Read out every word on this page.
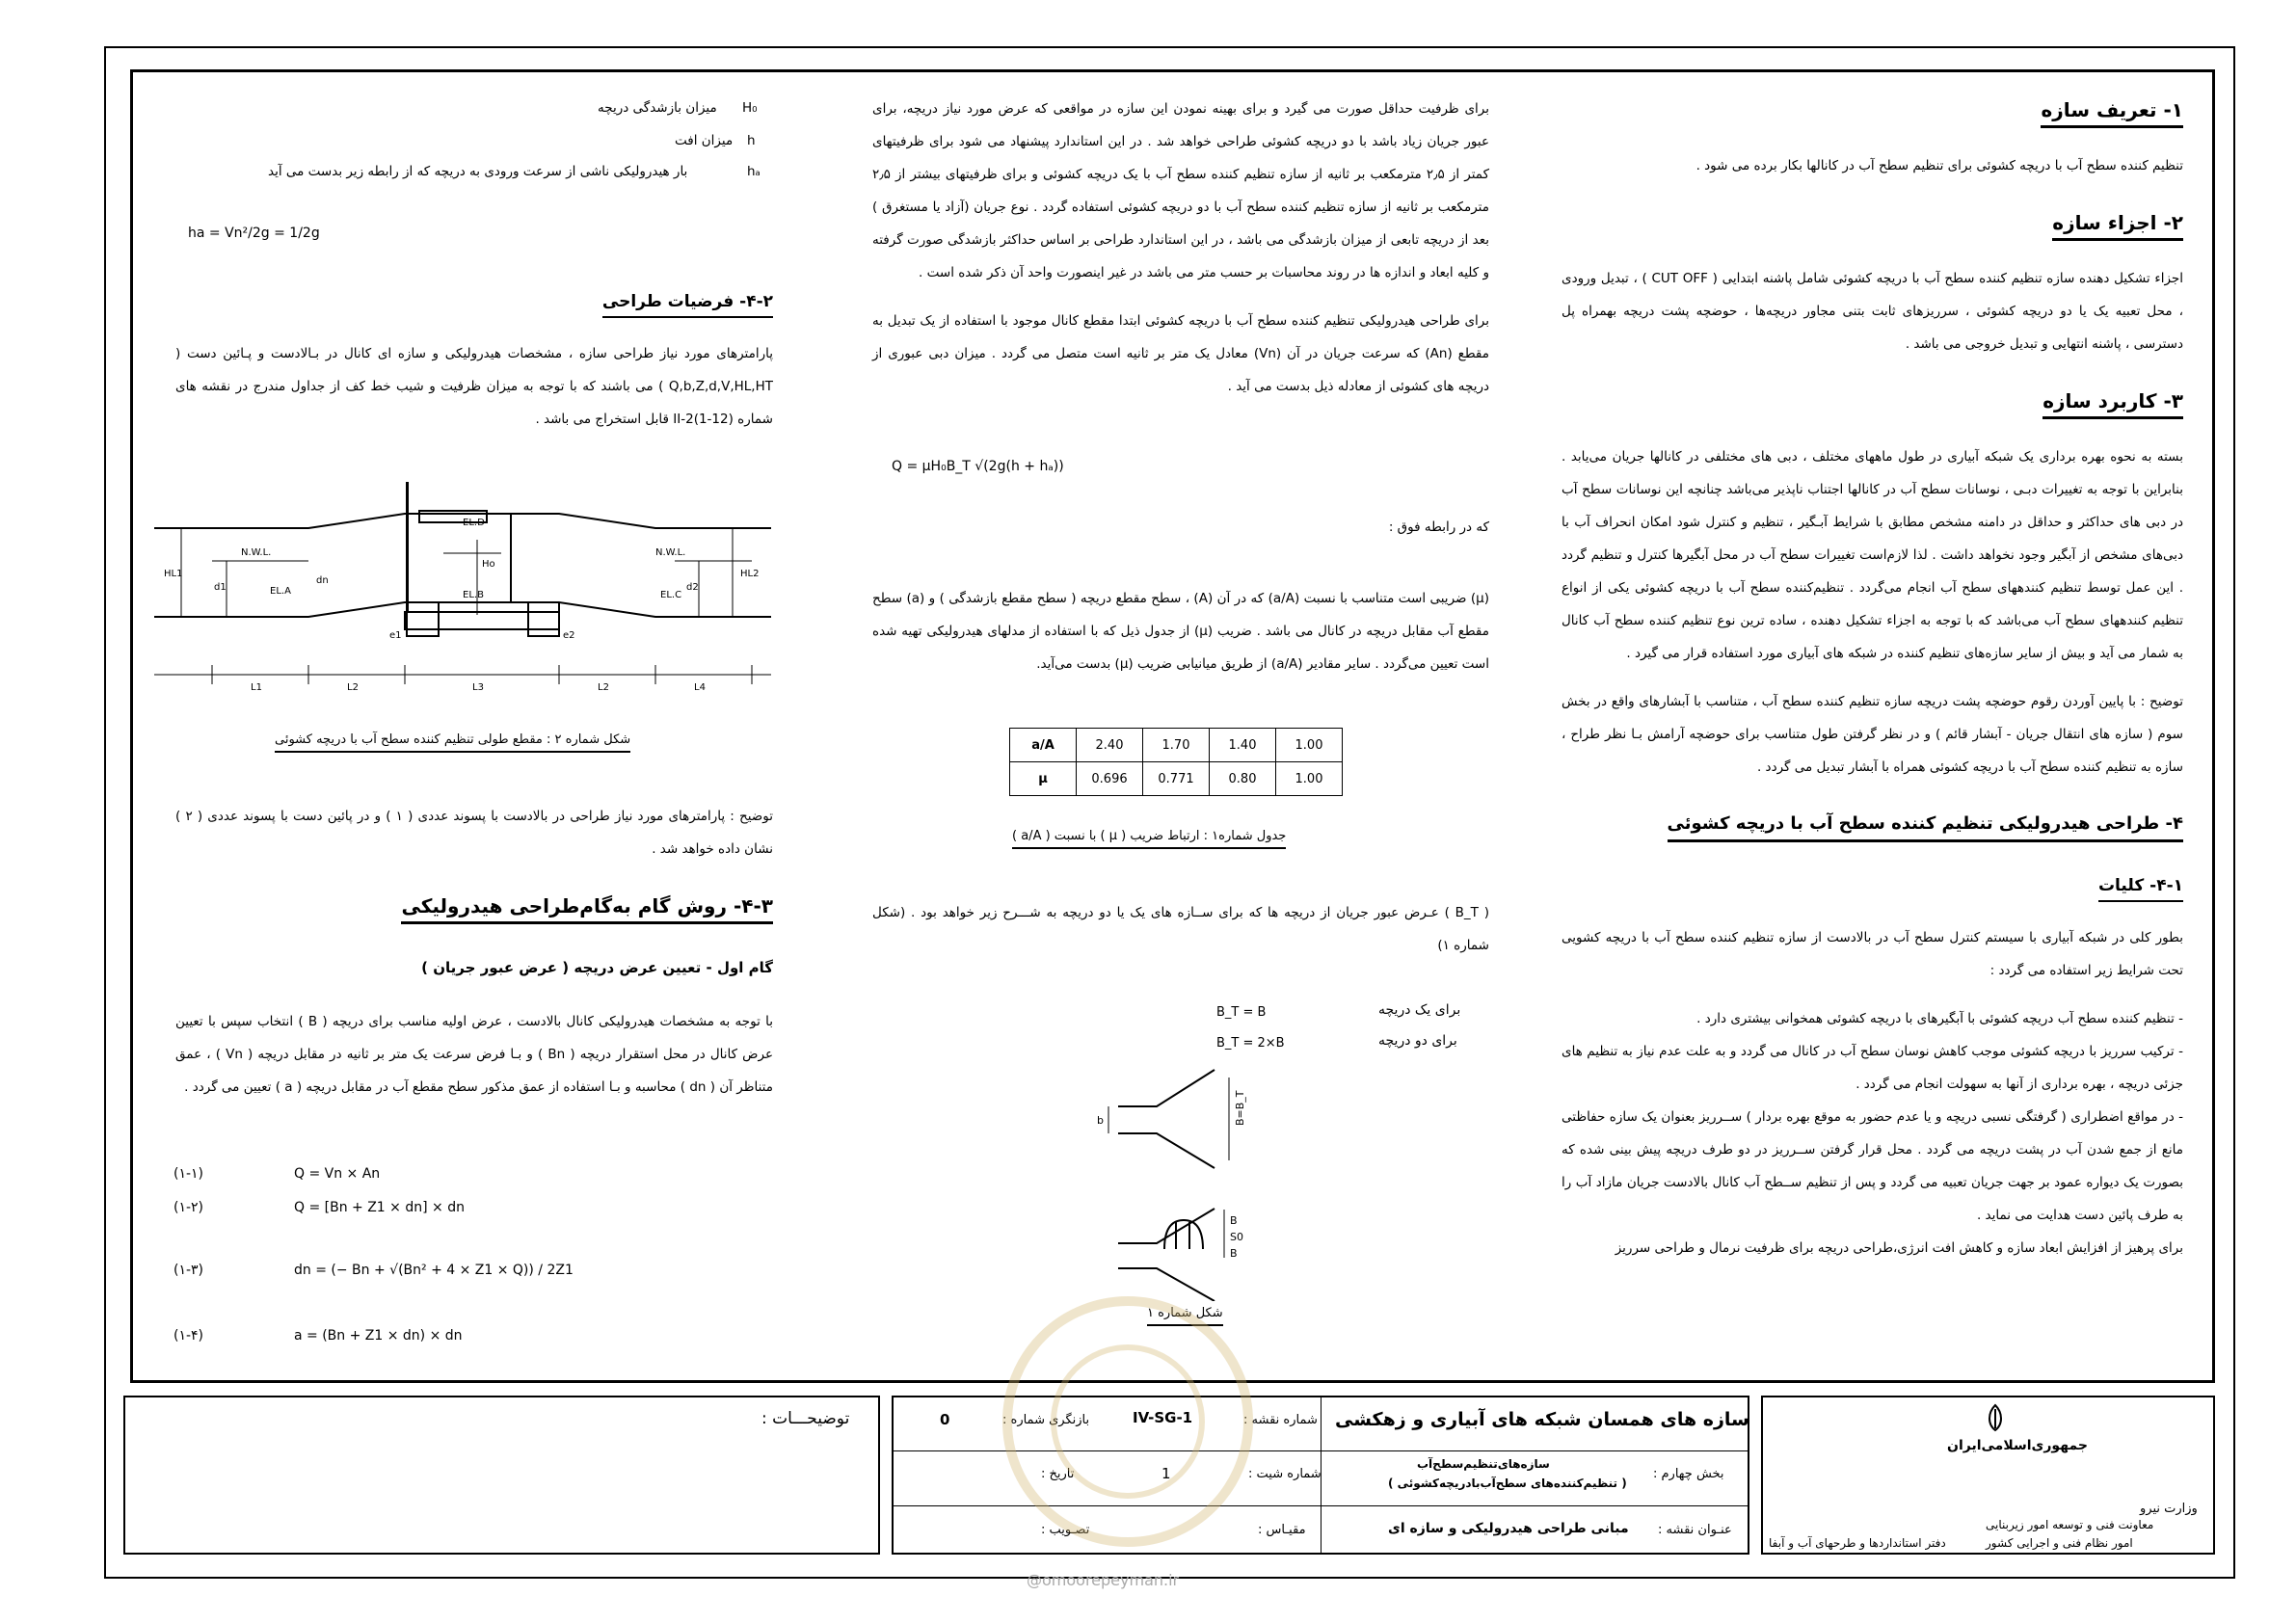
۱- تعریف سازه

تنظیم کننده سطح آب با دریچه کشوئی برای تنظیم سطح آب در کانالها بکار برده می شود .

۲- اجزاء سازه

اجزاء تشکیل دهنده سازه تنظیم کننده سطح آب با دریچه کشوئی شامل پاشنه ابتدایی ( CUT OFF ) ، تبدیل ورودی ، محل تعبیه یک یا دو دریچه کشوئی ، سرریزهای ثابت بتنی مجاور دریچه‌ها ، حوضچه پشت دریچه بهمراه پل دسترسی ، پاشنه انتهایی و تبدیل خروجی می باشد .

۳- کاربرد سازه

بسته به نحوه بهره برداری یک شبکه آبیاری در طول ماههای مختلف ، دبی های مختلفی در کانالها جریان می‌یابد . بنابراین با توجه به تغییرات دبـی ، نوسانات سطح آب در کانالها اجتناب ناپذیر می‌باشد چنانچه این نوسانات سطح آب در دبی های حداکثر و حداقل در دامنه مشخص مطابق با شرایط آبـگیر ، تنظیم و کنترل شود امکان انحراف آب با دبی‌های مشخص از آبگیر وجود نخواهد داشت . لذا لازم‌است تغییرات سطح آب در محل آبگیرها کنترل و تنظیم گردد . این عمل توسط تنظیم کنندههای سطح آب انجام می‌گردد . تنظیم‌کننده سطح آب با دریچه کشوئی یکی از انواع تنظیم کنندههای سطح آب می‌باشد که با توجه به اجزاء تشکیل دهنده ، ساده ترین نوع تنظیم کننده سطح آب کانال به شمار می آید و بیش از سایر سازه‌های تنظیم کننده در شبکه های آبیاری مورد استفاده قرار می گیرد .

توضیح : با پایین آوردن رقوم حوضچه پشت دریچه سازه تنظیم کننده سطح آب ، متناسب با آبشارهای واقع در بخش سوم ( سازه های انتقال جریان - آبشار قائم ) و در نظر گرفتن طول متناسب برای حوضچه آرامش بـا نظر طراح ، سازه به تنظیم کننده سطح آب با دریچه کشوئی همراه با آبشار تبدیل می گردد .

۴- طراحی هیدرولیکی تنظیم کننده سطح آب با دریچه کشوئی
۴-۱- کلیات

بطور کلی در شبکه آبیاری با سیستم کنترل سطح آب در بالادست از سازه تنظیم کننده سطح آب با دریچه کشویی تحت شرایط زیر استفاده می گردد :

- تنظیم کننده سطح آب دریچه کشوئی با آبگیرهای با دریچه کشوئی همخوانی بیشتری دارد .

- ترکیب سرریز با دریچه کشوئی موجب کاهش نوسان سطح آب در کانال می گردد و به علت عدم نیاز به تنظیم های جزئی دریچه ، بهره برداری از آنها به سهولت انجام می گردد .

- در مواقع اضطراری ( گرفتگی نسبی دریچه و یا عدم حضور به موقع بهره بردار ) ســرریز بعنوان یک سازه حفاظتی مانع از جمع شدن آب در پشت دریچه می گردد . محل قرار گرفتن ســرریز در دو طرف دریچه پیش بینی شده که بصورت یک دیواره عمود بر جهت جریان تعبیه می گردد و پس از تنظیم ســطح آب کانال بالادست جریان مازاد آب را به طرف پائین دست هدایت می نماید .

برای پرهیز از افزایش ابعاد سازه و کاهش افت انرژی،طراحی دریچه برای ظرفیت نرمال و طراحی سرریز

برای ظرفیت حداقل صورت می گیرد و برای بهینه نمودن این سازه در مواقعی که عرض مورد نیاز دریچه، برای عبور جریان زیاد باشد با دو دریچه کشوئی طراحی خواهد شد . در این استاندارد پیشنهاد می شود برای ظرفیتهای کمتر از ۲٫۵ مترمکعب بر ثانیه از سازه تنظیم کننده سطح آب با یک دریچه کشوئی و برای ظرفیتهای بیشتر از ۲٫۵ مترمکعب بر ثانیه از سازه تنظیم کننده سطح آب با دو دریچه کشوئی استفاده گردد . نوع جریان (آزاد یا مستغرق ) بعد از دریچه تابعی از میزان بازشدگی می باشد ، در این استاندارد طراحی بر اساس حداکثر بازشدگی صورت گرفته و کلیه ابعاد و اندازه ها در روند محاسبات بر حسب متر می باشد در غیر اینصورت واحد آن ذکر شده است .

برای طراحی هیدرولیکی تنظیم کننده سطح آب با دریچه کشوئی ابتدا مقطع کانال موجود با استفاده از یک تبدیل به مقطع (An) که سرعت جریان در آن (Vn) معادل یک متر بر ثانیه است متصل می گردد . میزان دبی عبوری از دریچه های کشوئی از معادله ذیل بدست می آید .

Q = μH₀B_T √(2g(h + hₐ))

که در رابطه فوق :

(μ) ضریبی است متناسب با نسبت (a/A) که در آن (A) ، سطح مقطع دریچه ( سطح مقطع بازشدگی ) و (a) سطح مقطع آب مقابل دریچه در کانال می باشد . ضریب (μ) از جدول ذیل که با استفاده از مدلهای هیدرولیکی تهیه شده است تعیین می‌گردد . سایر مقادیر (a/A) از طریق میانیابی ضریب (μ) بدست می‌آید.

a/A	2.40	1.70	1.40	1.00
μ	0.696	0.771	0.80	1.00
جدول شماره۱ : ارتباط ضریب ( μ ) با نسبت ( a/A )

( B_T ) عـرض عبور جریان از دریچه ها که برای ســازه های یک یا دو دریچه به شـــرح زیر خواهد بود . (شکل شماره ۱)

برای یک دریچه
برای دو دریچه
B_T = B
B_T = 2×B
b	B=B_T
B
S0
B
شکل شماره ۱
میزان بازشدگی دریچه H₀
میزان افت h
بار هیدرولیکی ناشی از سرعت ورودی به دریچه که از رابطه زیر بدست می آید	hₐ
ha = Vn²/2g = 1/2g
۴-۲- فرضیات طراحی

پارامترهای مورد نیاز طراحی سازه ، مشخصات هیدرولیکی و سازه ای کانال در بـالادست و پـائین دست ( Q,b,Z,d,V,HL,HT ) می باشند که با توجه به میزان ظرفیت و شیب خط کف از جداول مندرج در نقشه های شماره II-2(1-12) قابل استخراج می باشد .

N.W.L.	N.W.L.
EL.D
EL.A	EL.B	EL.C
HL1	HL2
d1	d2
dn
Ho
e1	e2
L1	L2	L3	L2	L4
شکل شماره ۲ : مقطع طولی تنظیم کننده سطح آب با دریچه کشوئی

توضیح : پارامترهای مورد نیاز طراحی در بالادست با پسوند عددی ( ۱ ) و در پائین دست با پسوند عددی ( ۲ ) نشان داده خواهد شد .

۴-۳- روش گام به‌گام‌طراحی هیدرولیکی
گام اول - تعیین عرض دریچه ( عرض عبور جریان )

با توجه به مشخصات هیدرولیکی کانال بالادست ، عرض اولیه مناسب برای دریچه ( B ) انتخاب سپس با تعیین عرض کانال در محل استقرار دریچه ( Bn ) و بـا فرض سرعت یک متر بر ثانیه در مقابل دریچه ( Vn ) ، عمق متناظر آن ( dn ) محاسبه و بـا استفاده از عمق مذکور سطح مقطع آب در مقابل دریچه ( a ) تعیین می گردد .

(۱-۱)	Q = Vn × An
(۱-۲)	Q = [Bn + Z1 × dn] × dn
(۱-۳)	dn = (− Bn + √(Bn² + 4 × Z1 × Q)) / 2Z1
(۱-۴)	a = (Bn + Z1 × dn) × dn
توضیحـــات :	سازه های همسان شبکه های آبیاری و زهکشی
شماره نقشه :
IV-SG-1
بازنگری شماره :
0
بخش چهارم :
سازه‌های‌تنظیم‌سطح‌آب
( تنظیم‌کننده‌های سطح‌آب‌بادریچه‌کشوئی )
شماره شیت :
1
تاریخ :
عنـوان نقشه :
مبانی طراحی هیدرولیکی و سازه ای
مقیـاس :
تصـویب :
جمهوری‌اسلامی‌ایران
وزارت نیرو
معاونت فنی و توسعه امور زیربنایی
امور نظام فنی و اجرایی کشور
دفتر استانداردها و طرحهای آب و آبفا
@omoorepeyman.ir
